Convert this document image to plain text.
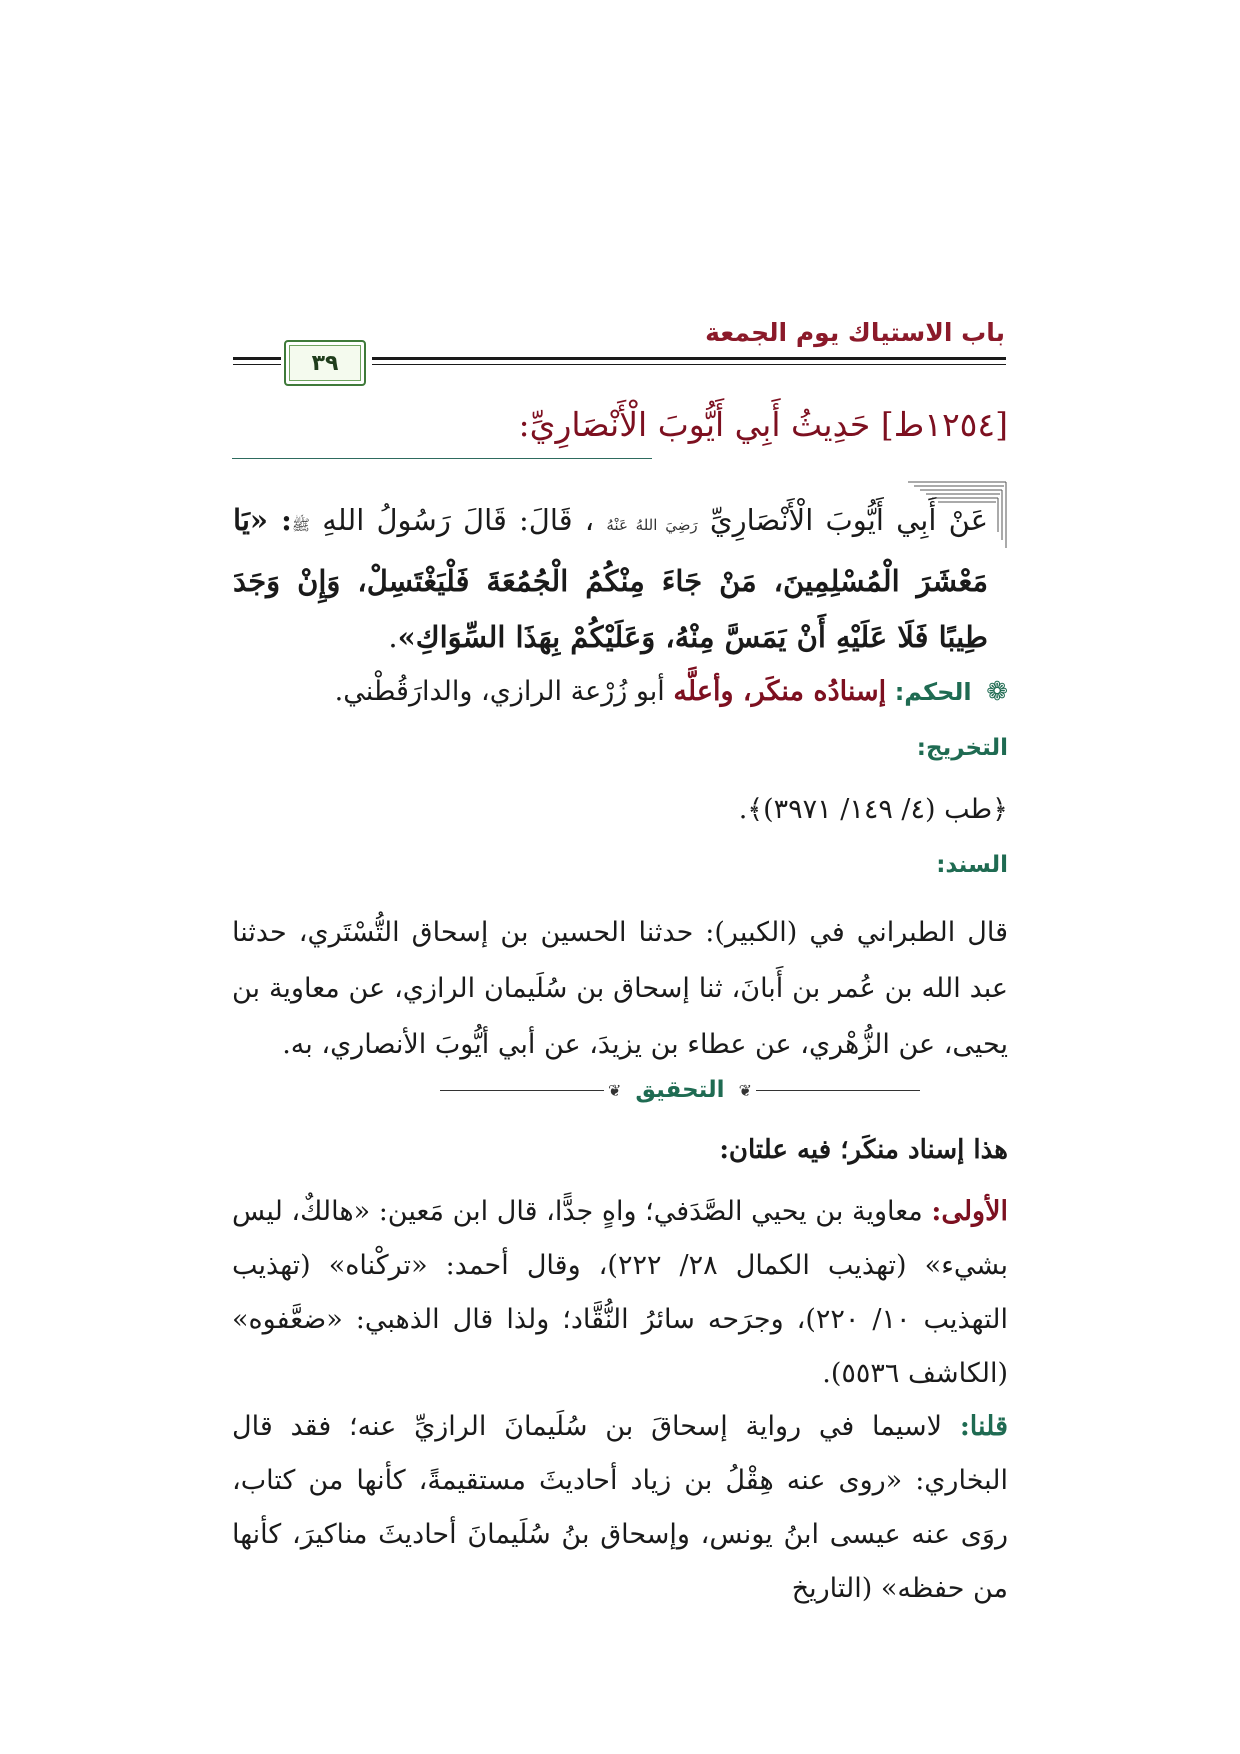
باب الاستياك يوم الجمعة
٣٩
[١٢٥٤ط] حَدِيثُ أَبِي أَيُّوبَ الْأَنْصَارِيِّ:
عَنْ أَبِي أَيُّوبَ الْأَنْصَارِيِّ رَضِيَ اللهُ عَنْهُ ، قَالَ: قَالَ رَسُولُ اللهِ ﷺ: «يَا مَعْشَرَ الْمُسْلِمِينَ، مَنْ جَاءَ مِنْكُمُ الْجُمُعَةَ فَلْيَغْتَسِلْ، وَإِنْ وَجَدَ طِيبًا فَلَا عَلَيْهِ أَنْ يَمَسَّ مِنْهُ، وَعَلَيْكُمْ بِهَذَا السِّوَاكِ».
❁ الحكم: إسنادُه منكَر، وأعلَّه أبو زُرْعة الرازي، والدارَقُطْني.
التخريج:
﴿طب (٤/ ١٤٩/ ٣٩٧١)﴾.
السند:
قال الطبراني في (الكبير): حدثنا الحسين بن إسحاق التُّسْتَري، حدثنا عبد الله بن عُمر بن أَبانَ، ثنا إسحاق بن سُلَيمان الرازي، عن معاوية بن يحيى، عن الزُّهْري، عن عطاء بن يزيدَ، عن أبي أيُّوبَ الأنصاري، به.
❦
التحقيق
❦
هذا إسناد منكَر؛ فيه علتان:
الأولى: معاوية بن يحيي الصَّدَفي؛ واهٍ جدًّا، قال ابن مَعين: «هالكٌ، ليس بشيء» (تهذيب الكمال ٢٨/ ٢٢٢)، وقال أحمد: «تركْناه» (تهذيب التهذيب ١٠/ ٢٢٠)، وجرَحه سائرُ النُّقَّاد؛ ولذا قال الذهبي: «ضعَّفوه» (الكاشف ٥٥٣٦).
قلنا: لاسيما في رواية إسحاقَ بن سُلَيمانَ الرازيِّ عنه؛ فقد قال البخاري: «روى عنه هِقْلُ بن زياد أحاديثَ مستقيمةً، كأنها من كتاب، روَى عنه عيسى ابنُ يونس، وإسحاق بنُ سُلَيمانَ أحاديثَ مناكيرَ، كأنها من حفظه» (التاريخ
